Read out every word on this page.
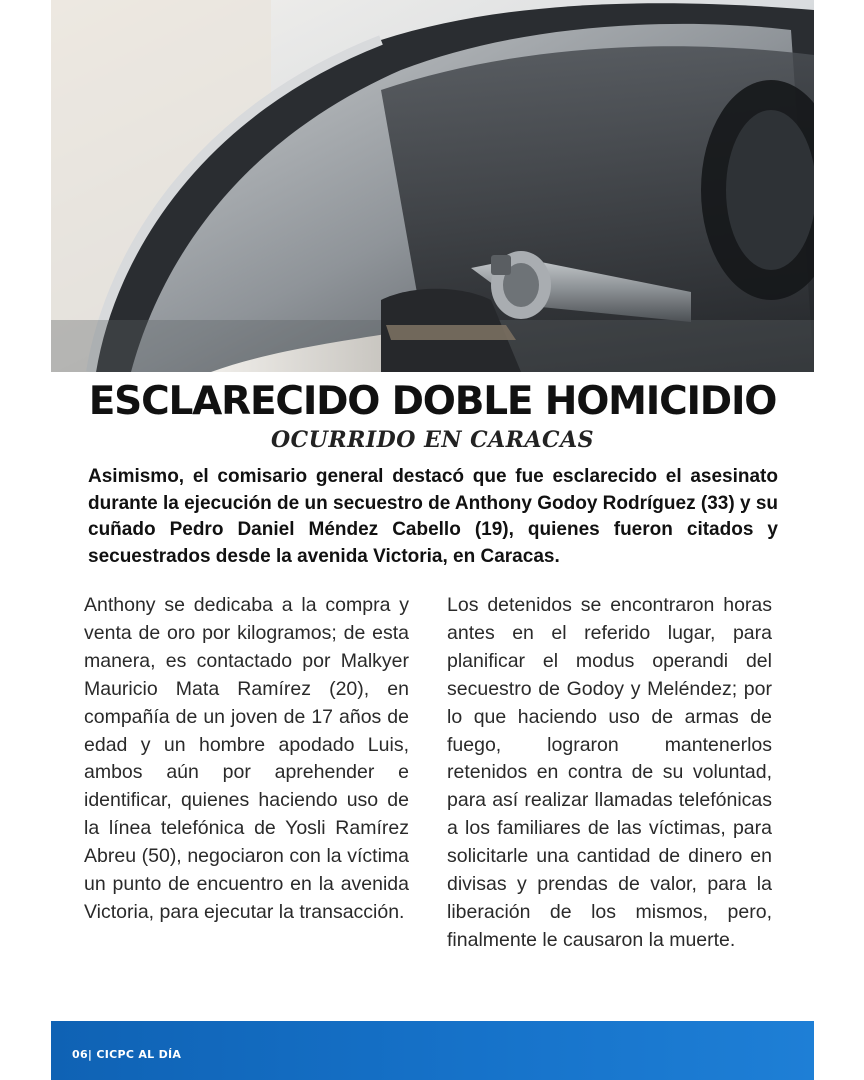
ESCLARECIDO DOBLE HOMICIDIO
OCURRIDO EN CARACAS

Asimismo, el comisario general destacó que fue esclarecido el asesinato durante la ejecución de un secuestro de Anthony Godoy Rodríguez (33) y su cuñado Pedro Daniel Méndez Cabello (19), quienes fueron citados y secuestrados desde la avenida Victoria, en Caracas.

Anthony se dedicaba a la compra y venta de oro por kilogramos; de esta manera, es contactado por Malkyer Mauricio Mata Ramírez (20), en compañía de un joven de 17 años de edad y un hombre apodado Luis, ambos aún por aprehender e identificar, quienes haciendo uso de la línea telefónica de Yosli Ramírez Abreu (50), negociaron con la víctima un punto de encuentro en la avenida Victoria, para ejecutar la transacción.

Los detenidos se encontraron horas antes en el referido lugar, para planificar el modus operandi del secuestro de Godoy y Meléndez; por lo que haciendo uso de armas de fuego, lograron mantenerlos retenidos en contra de su voluntad, para así realizar llamadas telefónicas a los familiares de las víctimas, para solicitarle una cantidad de dinero en divisas y prendas de valor, para la liberación de los mismos, pero, finalmente le causaron la muerte.

06| CICPC AL DÍA
